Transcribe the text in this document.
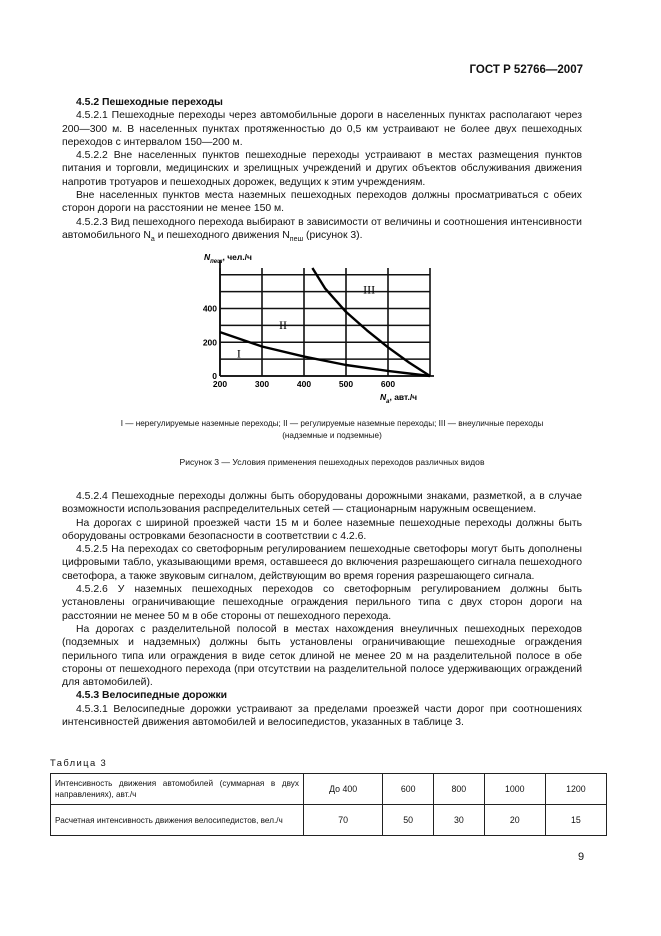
ГОСТ Р 52766—2007

4.5.2 Пешеходные переходы

4.5.2.1 Пешеходные переходы через автомобильные дороги в населенных пунктах располагают через 200—300 м. В населенных пунктах протяженностью до 0,5 км устраивают не более двух пешеходных переходов с интервалом 150—200 м.

4.5.2.2 Вне населенных пунктов пешеходные переходы устраивают в местах размещения пунктов питания и торговли, медицинских и зрелищных учреждений и других объектов обслуживания движения напротив тротуаров и пешеходных дорожек, ведущих к этим учреждениям.

Вне населенных пунктов места наземных пешеходных переходов должны просматриваться с обеих сторон дороги на расстоянии не менее 150 м.

4.5.2.3 Вид пешеходного перехода выбирают в зависимости от величины и соотношения интенсивности автомобильного $N_а$ и пешеходного движения $N_{пеш}$ (рисунок 3).

200	300	400	500	600
0
200
400
I
II
III
$N_{пеш}$, чел./ч
$N_а$, авт./ч
I — нерегулируемые наземные переходы; II — регулируемые наземные переходы; III — внеуличные переходы
(надземные и подземные)
Рисунок 3 — Условия применения пешеходных переходов различных видов

4.5.2.4 Пешеходные переходы должны быть оборудованы дорожными знаками, разметкой, а в случае возможности использования распределительных сетей — стационарным наружным освещением.

На дорогах с шириной проезжей части 15 м и более наземные пешеходные переходы должны быть оборудованы островками безопасности в соответствии с 4.2.6.

4.5.2.5 На переходах со светофорным регулированием пешеходные светофоры могут быть дополнены цифровыми табло, указывающими время, оставшееся до включения разрешающего сигнала пешеходного светофора, а также звуковым сигналом, действующим во время горения разрешающего сигнала.

4.5.2.6 У наземных пешеходных переходов со светофорным регулированием должны быть установлены ограничивающие пешеходные ограждения перильного типа с двух сторон дороги на расстоянии не менее 50 м в обе стороны от пешеходного перехода.

На дорогах с разделительной полосой в местах нахождения внеуличных пешеходных переходов (подземных и надземных) должны быть установлены ограничивающие пешеходные ограждения перильного типа или ограждения в виде сеток длиной не менее 20 м на разделительной полосе в обе стороны от пешеходного перехода (при отсутствии на разделительной полосе удерживающих ограждений для автомобилей).

4.5.3 Велосипедные дорожки

4.5.3.1 Велосипедные дорожки устраивают за пределами проезжей части дорог при соотношениях интенсивностей движения автомобилей и велосипедистов, указанных в таблице 3.

Таблица 3
Интенсивность движения автомобилей (суммарная в двух направлениях), авт./ч	До 400	600	800	1000	1200
Расчетная интенсивность движения велосипедистов, вел./ч	70	50	30	20	15
9
